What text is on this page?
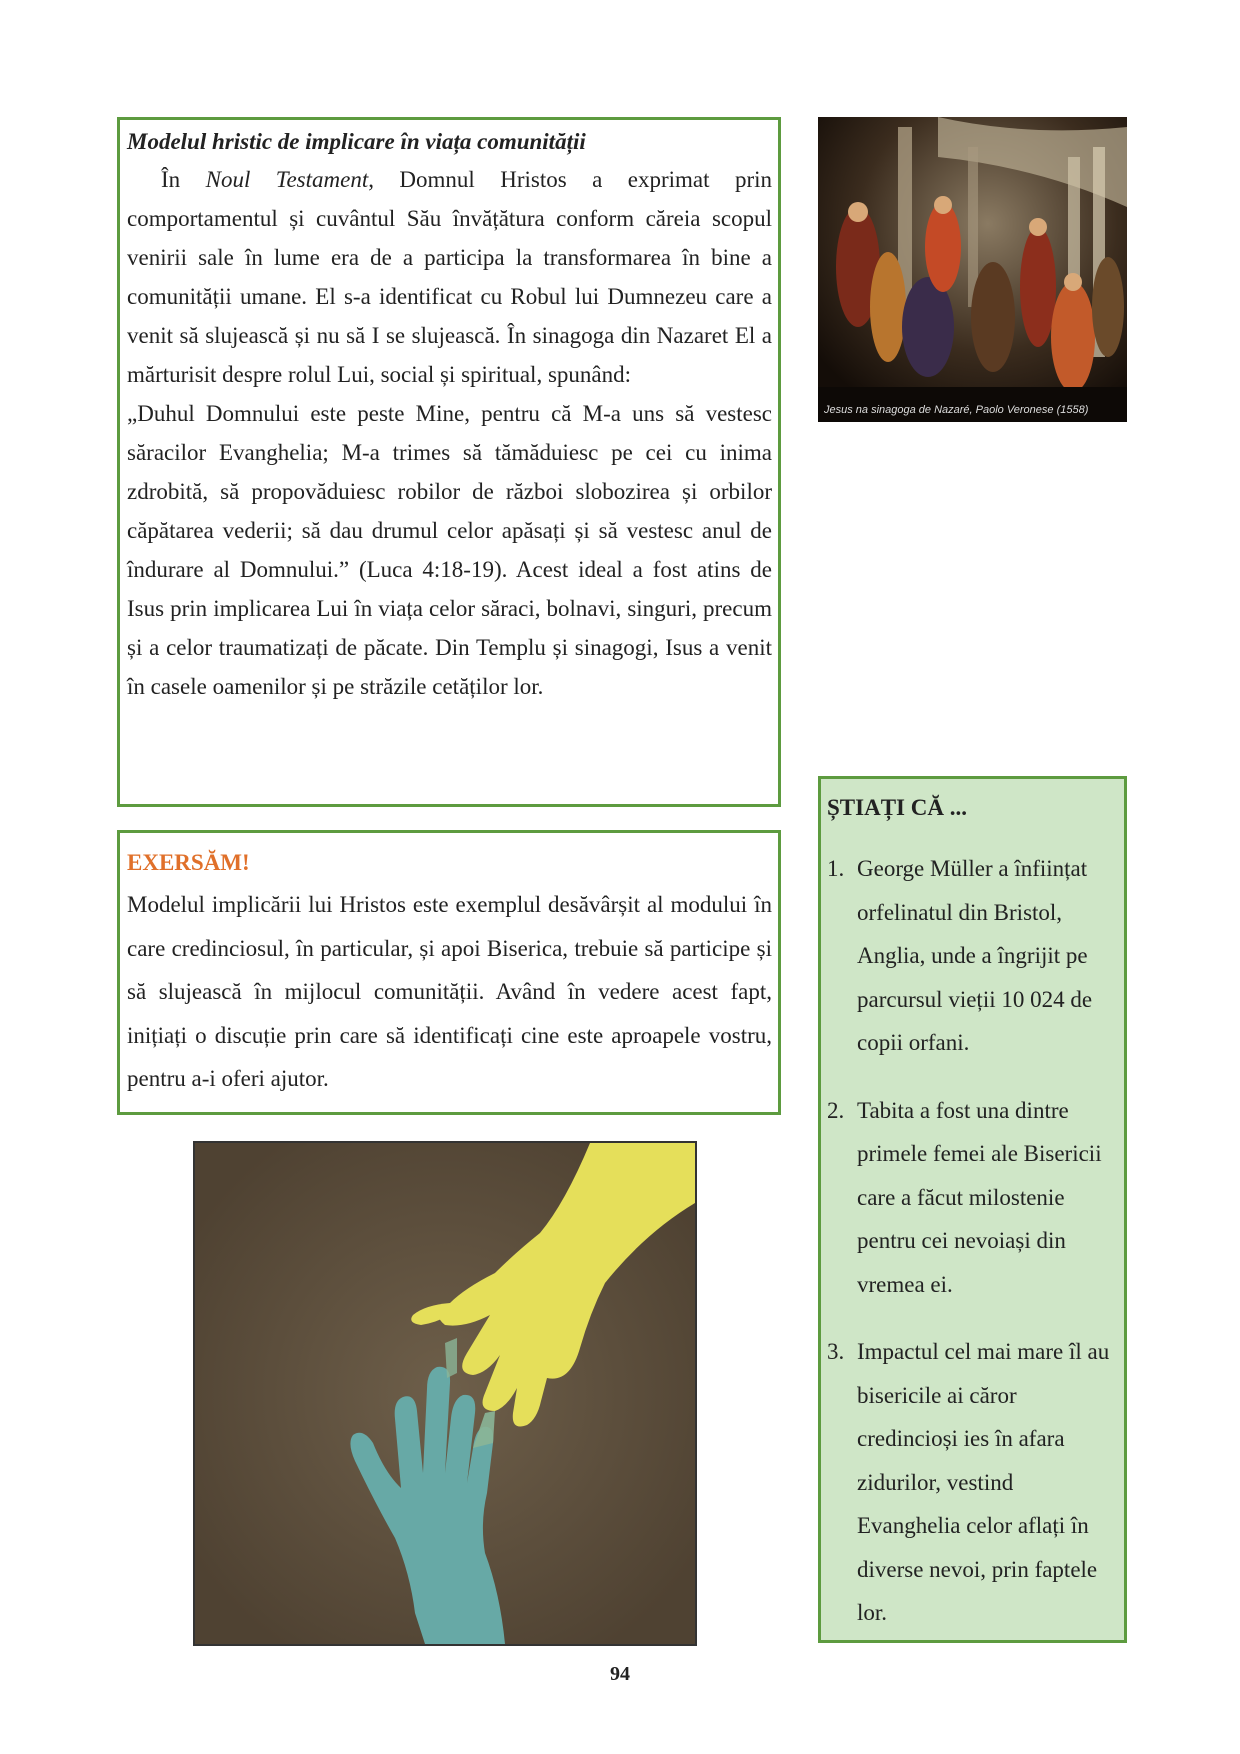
Modelul hristic de implicare în viața comunității

În Noul Testament, Domnul Hristos a exprimat prin comportamentul și cuvântul Său învățătura conform căreia scopul venirii sale în lume era de a participa la transformarea în bine a comunității umane. El s-a identificat cu Robul lui Dumnezeu care a venit să slujească și nu să I se slujească. În sinagoga din Nazaret El a mărturisit despre rolul Lui, social și spiritual, spunând:

„Duhul Domnului este peste Mine, pentru că M-a uns să vestesc săracilor Evanghelia; M-a trimes să tămăduiesc pe cei cu inima zdrobită, să propovăduiesc robilor de război slobozirea și orbilor căpătarea vederii; să dau drumul celor apăsați și să vestesc anul de îndurare al Domnului.” (Luca 4:18-19). Acest ideal a fost atins de Isus prin implicarea Lui în viața celor săraci, bolnavi, singuri, precum și a celor traumatizați de păcate. Din Templu și sinagogi, Isus a venit în casele oamenilor și pe străzile cetăților lor.

Jesus na sinagoga de Nazaré, Paolo Veronese (1558)

EXERSĂM!

Modelul implicării lui Hristos este exemplul desăvârșit al modului în care credinciosul, în particular, și apoi Biserica, trebuie să participe și să slujească în mijlocul comunității. Având în vedere acest fapt, inițiați o discuție prin care să identificați cine este aproapele vostru, pentru a-i oferi ajutor.

ȘTIAȚI CĂ ...

1. George Müller a înființat orfelinatul din Bristol, Anglia, unde a îngrijit pe parcursul vieții 10 024 de copii orfani.
2. Tabita a fost una dintre primele femei ale Bisericii care a făcut milostenie pentru cei nevoiași din vremea ei.
3. Impactul cel mai mare îl au bisericile ai căror credincioși ies în afara zidurilor, vestind Evanghelia celor aflați în diverse nevoi, prin faptele lor.
94
